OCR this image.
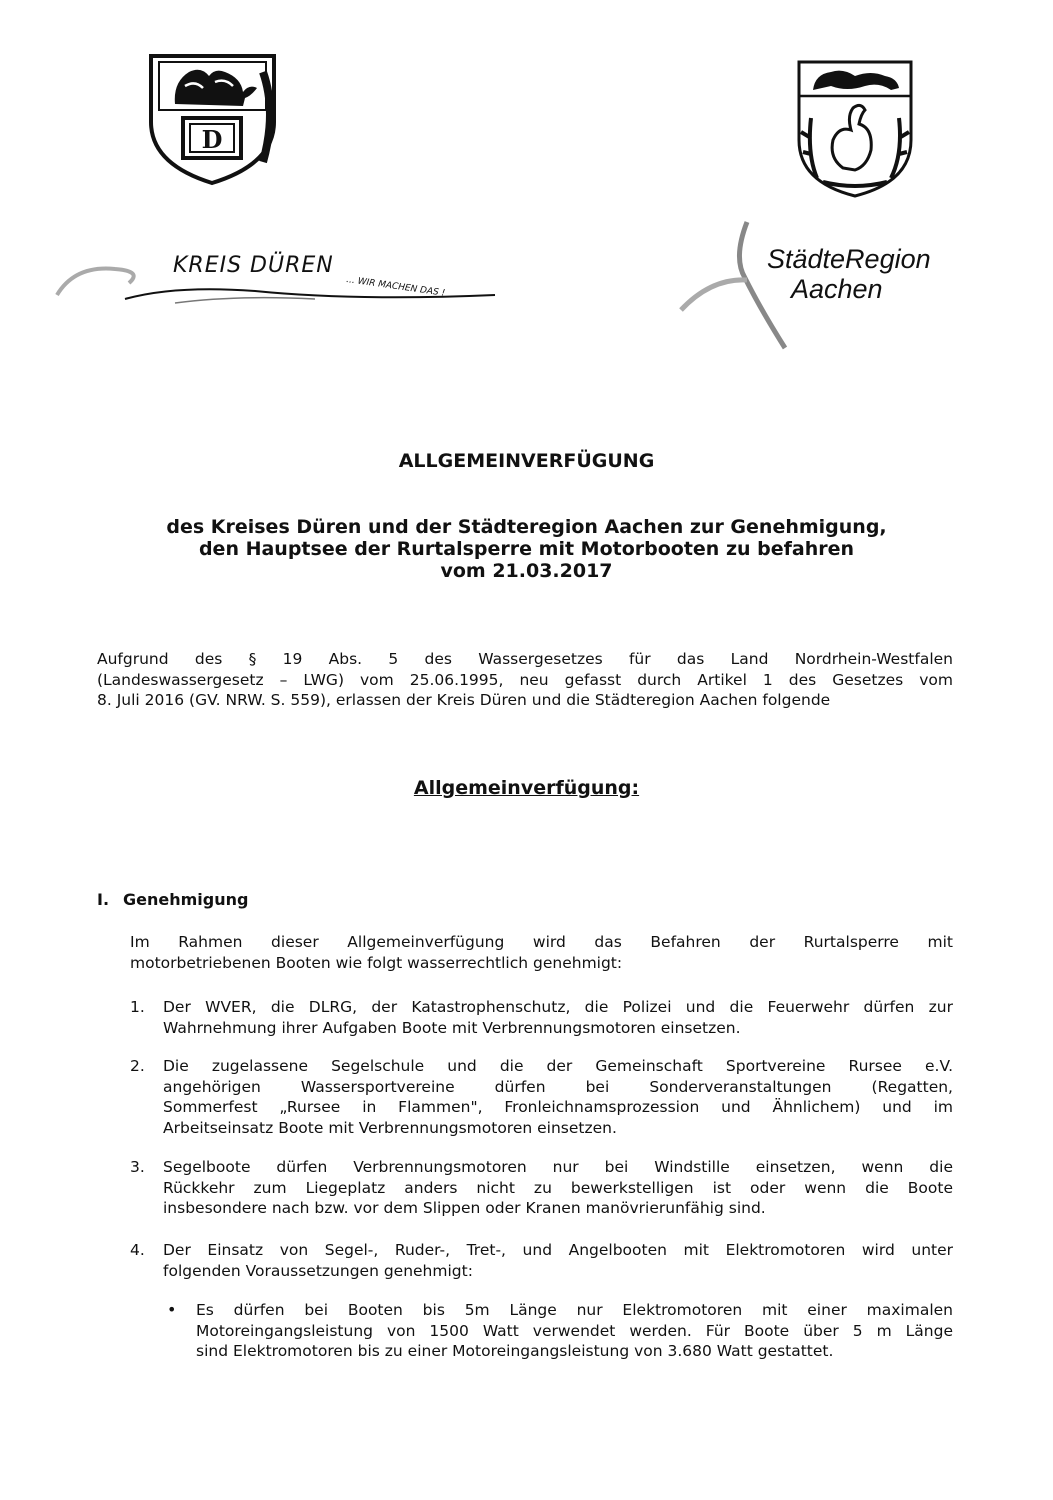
D
KREIS DÜREN
... WIR MACHEN DAS !
StädteRegion
Aachen
ALLGEMEINVERFÜGUNG
des Kreises Düren und der Städteregion Aachen zur Genehmigung,
den Hauptsee der Rurtalsperre mit Motorbooten zu befahren
vom 21.03.2017
Aufgrund des § 19 Abs. 5 des Wassergesetzes für das Land Nordrhein-Westfalen
(Landeswassergesetz – LWG) vom 25.06.1995, neu gefasst durch Artikel 1 des Gesetzes vom
8. Juli 2016 (GV. NRW. S. 559), erlassen der Kreis Düren und die Städteregion Aachen folgende
Allgemeinverfügung:
I. Genehmigung
Im Rahmen dieser Allgemeinverfügung wird das Befahren der Rurtalsperre mit
motorbetriebenen Booten wie folgt wasserrechtlich genehmigt:
1. Der WVER, die DLRG, der Katastrophenschutz, die Polizei und die Feuerwehr dürfen zur
Wahrnehmung ihrer Aufgaben Boote mit Verbrennungsmotoren einsetzen.
2. Die zugelassene Segelschule und die der Gemeinschaft Sportvereine Rursee e.V.
angehörigen Wassersportvereine dürfen bei Sonderveranstaltungen (Regatten,
Sommerfest „Rursee in Flammen", Fronleichnamsprozession und Ähnlichem) und im
Arbeitseinsatz Boote mit Verbrennungsmotoren einsetzen.
3. Segelboote dürfen Verbrennungsmotoren nur bei Windstille einsetzen, wenn die
Rückkehr zum Liegeplatz anders nicht zu bewerkstelligen ist oder wenn die Boote
insbesondere nach bzw. vor dem Slippen oder Kranen manövrierunfähig sind.
4. Der Einsatz von Segel-, Ruder-, Tret-, und Angelbooten mit Elektromotoren wird unter
folgenden Voraussetzungen genehmigt:
• Es dürfen bei Booten bis 5m Länge nur Elektromotoren mit einer maximalen
Motoreingangsleistung von 1500 Watt verwendet werden. Für Boote über 5 m Länge
sind Elektromotoren bis zu einer Motoreingangsleistung von 3.680 Watt gestattet.
